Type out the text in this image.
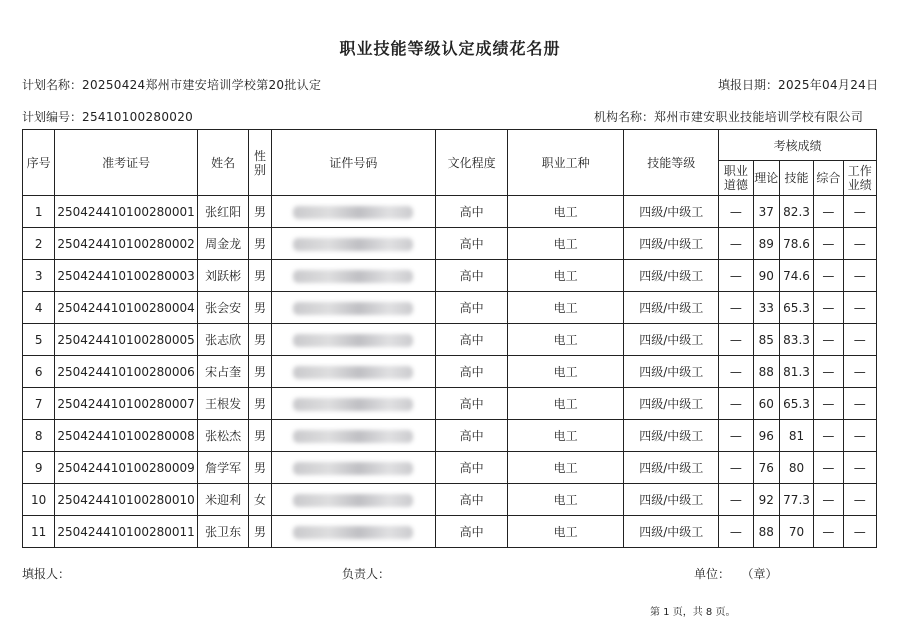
职业技能等级认定成绩花名册
计划名称：20250424郑州市建安培训学校第20批认定	填报日期：2025年04月24日
计划编号：25410100280020	机构名称：郑州市建安职业技能培训学校有限公司
序号	准考证号	姓名	性别	证件号码	文化程度	职业工种	技能等级	考核成绩				
								职业道德	理论	技能	综合	工作业绩
1	250424410100280001	张红阳	男		高中	电工	四级/中级工	—	37	82.3	—	—
2	250424410100280002	周金龙	男		高中	电工	四级/中级工	—	89	78.6	—	—
3	250424410100280003	刘跃彬	男		高中	电工	四级/中级工	—	90	74.6	—	—
4	250424410100280004	张会安	男		高中	电工	四级/中级工	—	33	65.3	—	—
5	250424410100280005	张志欣	男		高中	电工	四级/中级工	—	85	83.3	—	—
6	250424410100280006	宋占奎	男		高中	电工	四级/中级工	—	88	81.3	—	—
7	250424410100280007	王根发	男		高中	电工	四级/中级工	—	60	65.3	—	—
8	250424410100280008	张松杰	男		高中	电工	四级/中级工	—	96	81	—	—
9	250424410100280009	詹学军	男		高中	电工	四级/中级工	—	76	80	—	—
10	250424410100280010	米迎利	女		高中	电工	四级/中级工	—	92	77.3	—	—
11	250424410100280011	张卫东	男		高中	电工	四级/中级工	—	88	70	—	—
填报人：	负责人：	单位： （章）
第 1 页，共 8 页。
